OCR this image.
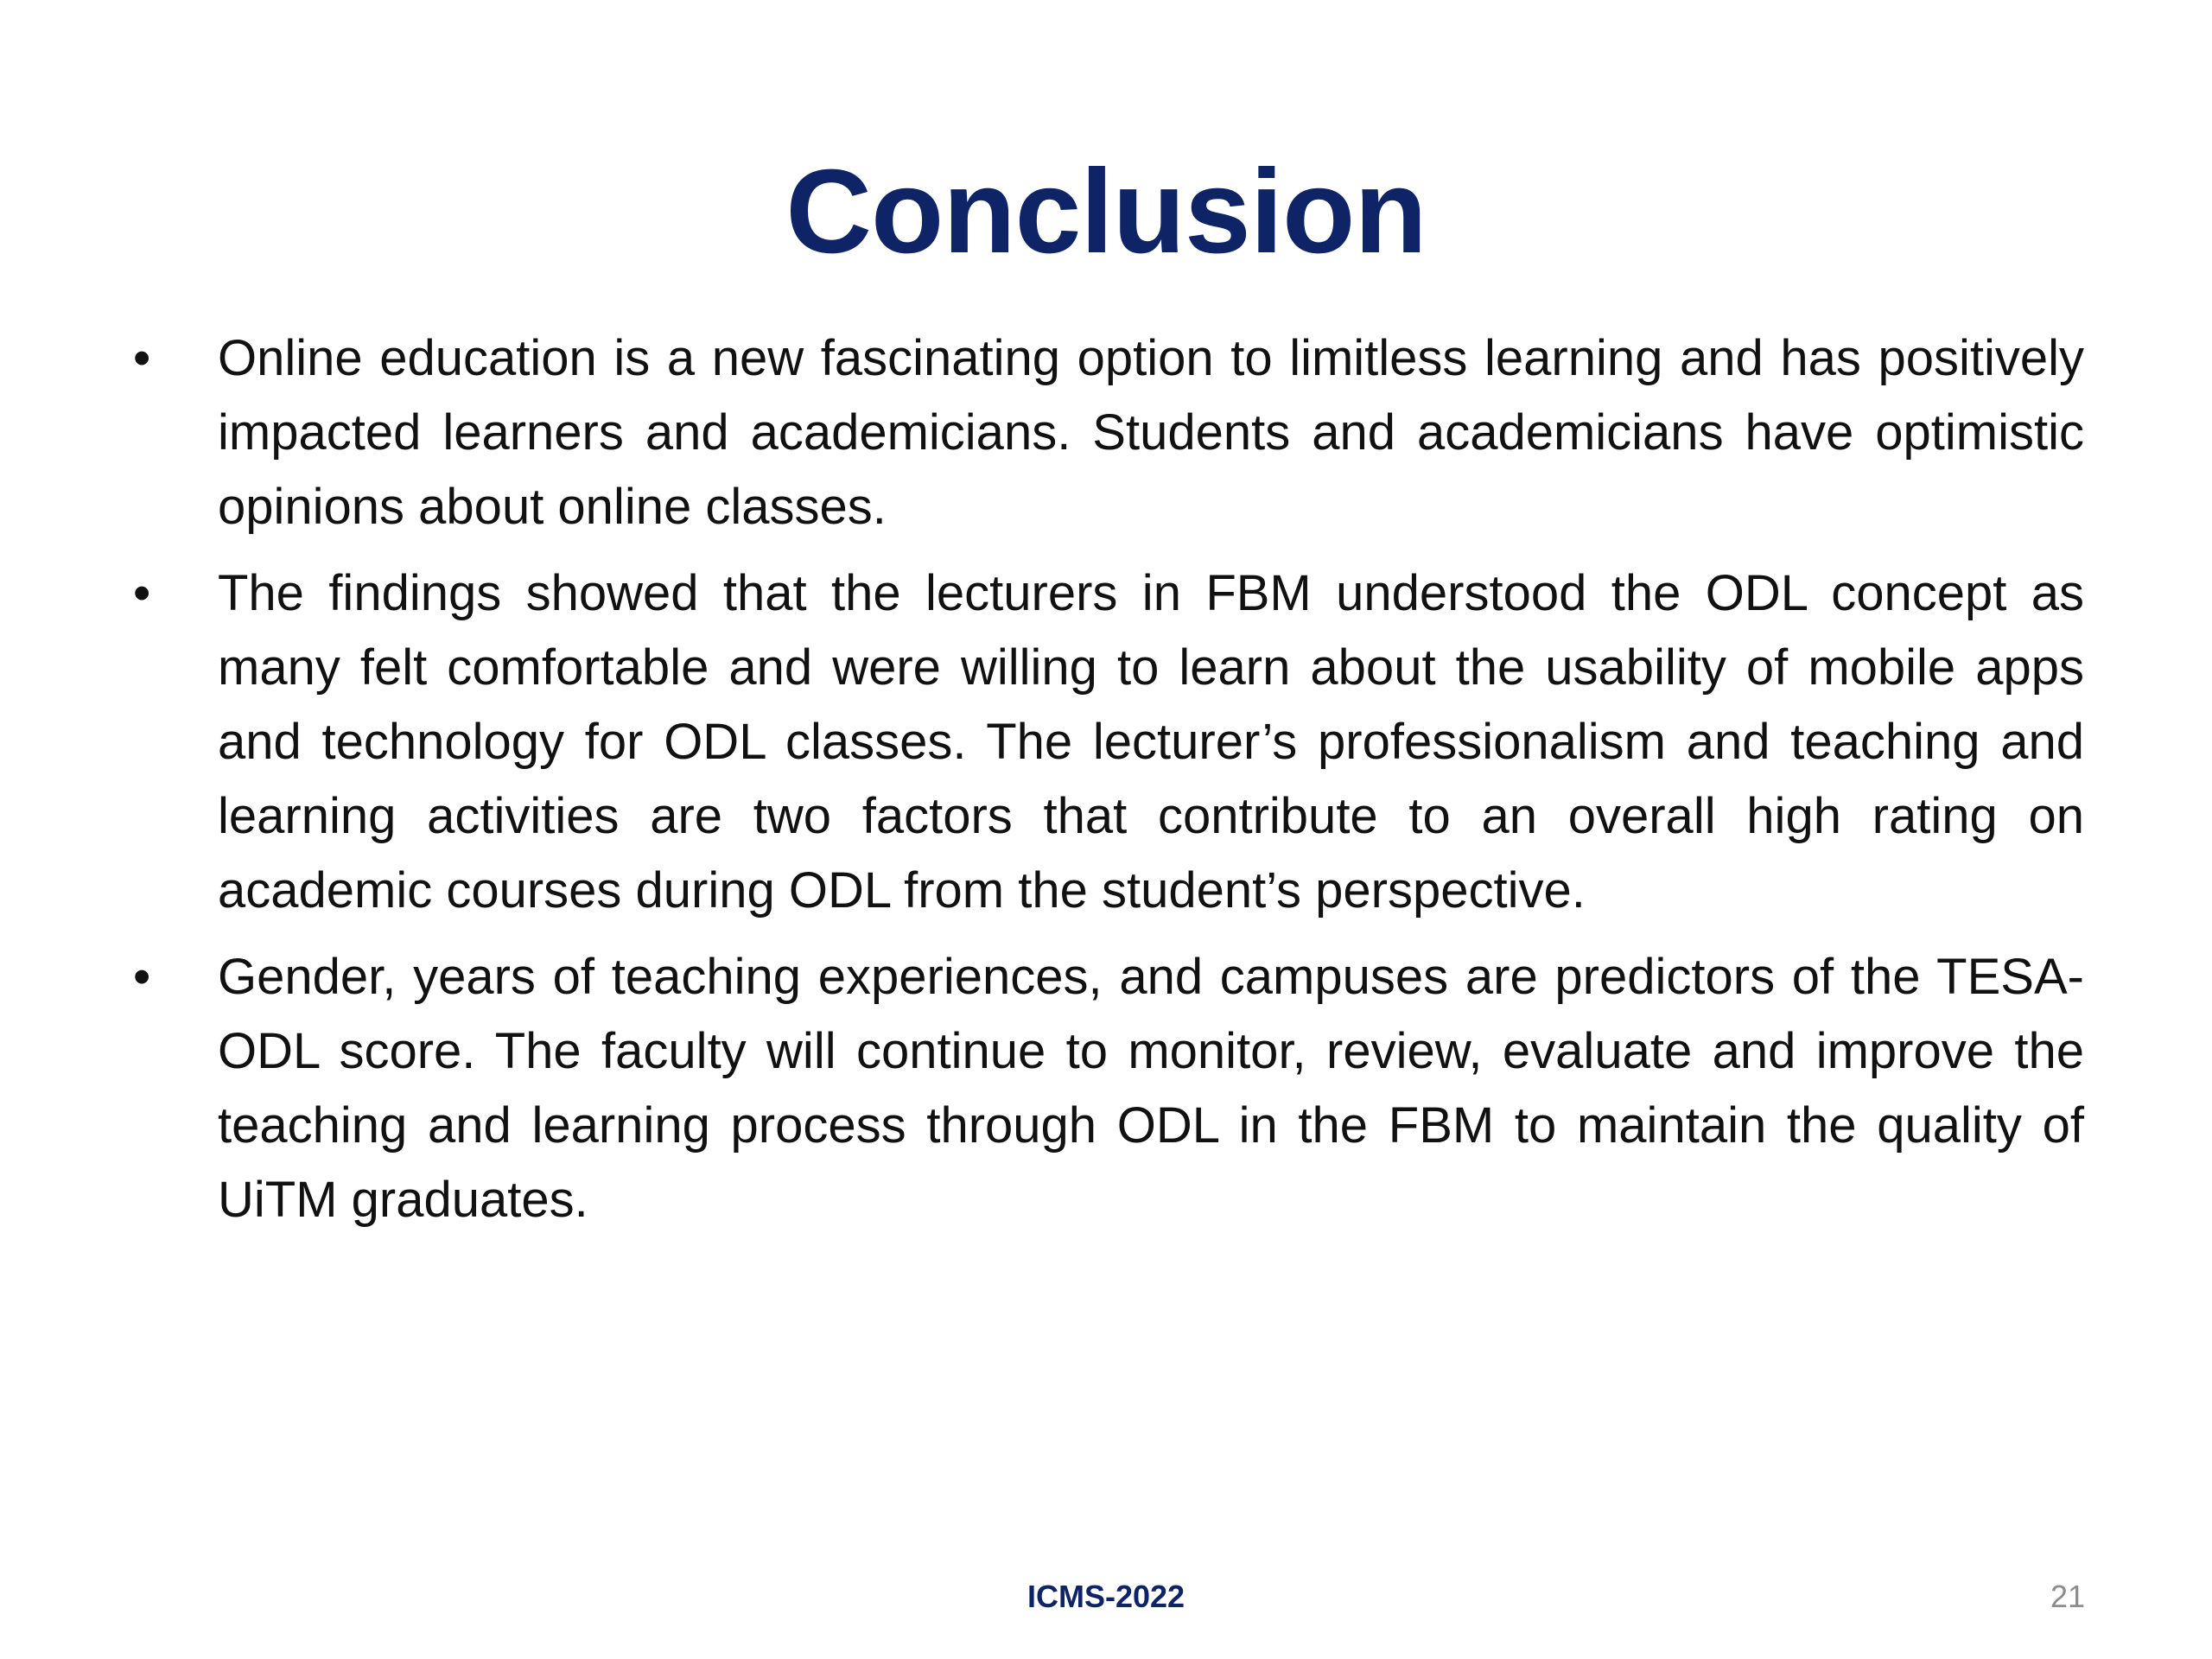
Conclusion
• Online education is a new fascinating option to limitless learning and has positively impacted learners and academicians. Students and academicians have optimistic opinions about online classes.
• The findings showed that the lecturers in FBM understood the ODL concept as many felt comfortable and were willing to learn about the usability of mobile apps and technology for ODL classes. The lecturer’s professionalism and teaching and learning activities are two factors that contribute to an overall high rating on academic courses during ODL from the student’s perspective.
• Gender, years of teaching experiences, and campuses are predictors of the TESA-ODL score. The faculty will continue to monitor, review, evaluate and improve the teaching and learning process through ODL in the FBM to maintain the quality of UiTM graduates.
ICMS-2022	21
